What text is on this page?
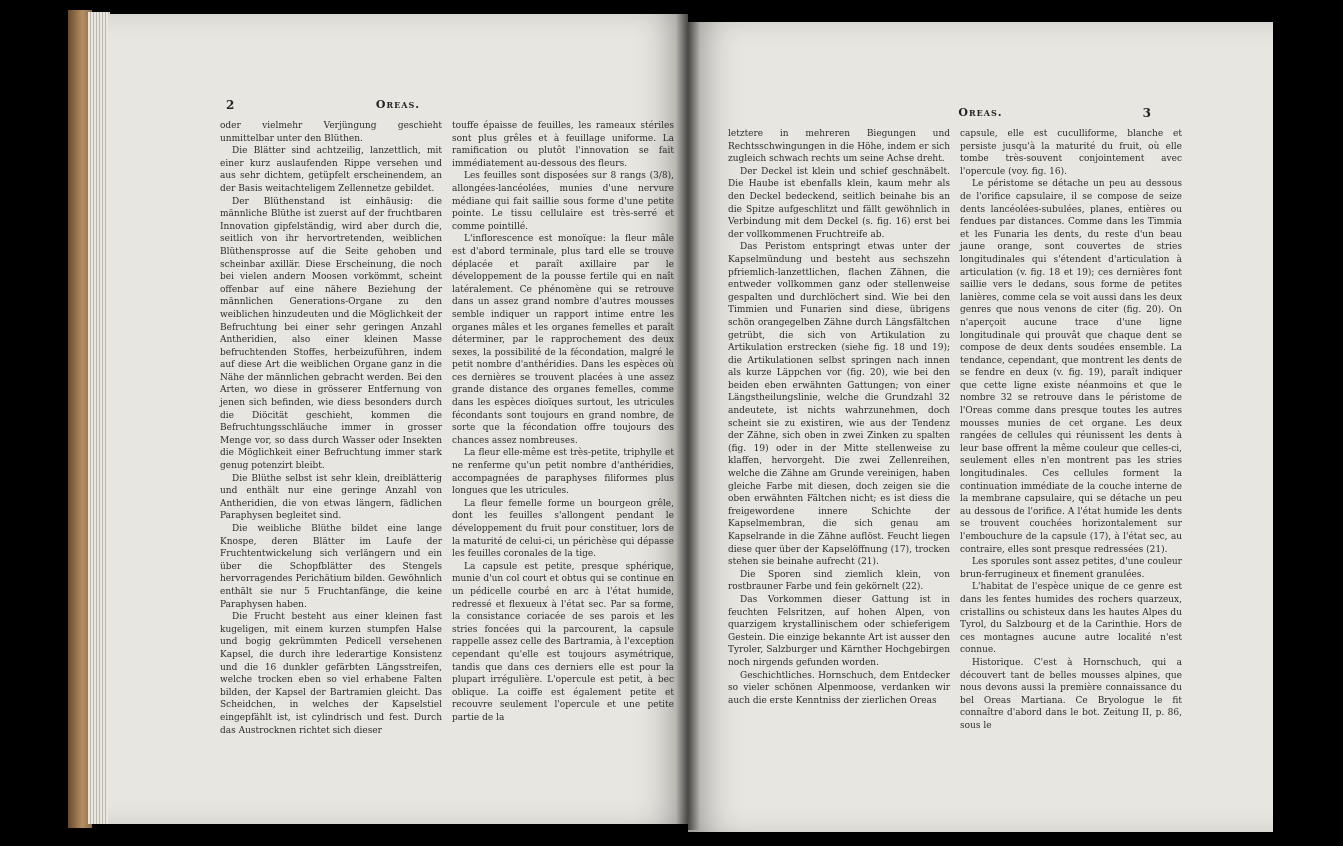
2	Oreas.

oder vielmehr Verjüngung geschieht unmittelbar unter den Blüthen.

Die Blätter sind achtzeilig, lanzettlich, mit einer kurz auslaufenden Rippe versehen und aus sehr dichtem, getüpfelt erscheinendem, an der Basis weitachteligem Zellennetze gebildet.

Der Blüthenstand ist einhäusig: die männliche Blüthe ist zuerst auf der fruchtbaren Innovation gipfelständig, wird aber durch die, seitlich von ihr hervortretenden, weiblichen Blüthensprosse auf die Seite gehoben und scheinbar axillär. Diese Erscheinung, die noch bei vielen andern Moosen vorkömmt, scheint offenbar auf eine nähere Beziehung der männlichen Generations-Organe zu den weiblichen hinzudeuten und die Möglichkeit der Befruchtung bei einer sehr geringen Anzahl Antheridien, also einer kleinen Masse befruchtenden Stoffes, herbeizuführen, indem auf diese Art die weiblichen Organe ganz in die Nähe der männlichen gebracht werden. Bei den Arten, wo diese in grösserer Entfernung von jenen sich befinden, wie diess besonders durch die Diöcität geschieht, kommen die Befruchtungsschläuche immer in grosser Menge vor, so dass durch Wasser oder Insekten die Möglichkeit einer Befruchtung immer stark genug potenzirt bleibt.

Die Blüthe selbst ist sehr klein, dreiblätterig und enthält nur eine geringe Anzahl von Antheridien, die von etwas längern, fädlichen Paraphysen begleitet sind.

Die weibliche Blüthe bildet eine lange Knospe, deren Blätter im Laufe der Fruchtentwickelung sich verlängern und ein über die Schopfblätter des Stengels hervorragendes Perichätium bilden. Gewöhnlich enthält sie nur 5 Fruchtanfänge, die keine Paraphysen haben.

Die Frucht besteht aus einer kleinen fast kugeligen, mit einem kurzen stumpfen Halse und bogig gekrümmten Pedicell versehenen Kapsel, die durch ihre lederartige Konsistenz und die 16 dunkler gefärbten Längsstreifen, welche trocken eben so viel erhabene Falten bilden, der Kapsel der Bartramien gleicht. Das Scheidchen, in welches der Kapselstiel eingepfählt ist, ist cylindrisch und fest. Durch das Austrocknen richtet sich dieser

touffe épaisse de feuilles, les rameaux stériles sont plus grêles et à feuillage uniforme. La ramification ou plutôt l'innovation se fait immédiatement au-dessous des fleurs.

Les feuilles sont disposées sur 8 rangs (3/8), allongées-lancéolées, munies d'une nervure médiane qui fait saillie sous forme d'une petite pointe. Le tissu cellulaire est très-serré et comme pointillé.

L'inflorescence est monoïque: la fleur mâle est d'abord terminale, plus tard elle se trouve déplacée et paraît axillaire par le développement de la pousse fertile qui en naît latéralement. Ce phénomène qui se retrouve dans un assez grand nombre d'autres mousses semble indiquer un rapport intime entre les organes mâles et les organes femelles et paraît déterminer, par le rapprochement des deux sexes, la possibilité de la fécondation, malgré le petit nombre d'anthéridies. Dans les espèces où ces dernières se trouvent placées à une assez grande distance des organes femelles, comme dans les espèces dioïques surtout, les utricules fécondants sont toujours en grand nombre, de sorte que la fécondation offre toujours des chances assez nombreuses.

La fleur elle-même est très-petite, triphylle et ne renferme qu'un petit nombre d'anthéridies, accompagnées de paraphyses filiformes plus longues que les utricules.

La fleur femelle forme un bourgeon grêle, dont les feuilles s'allongent pendant le développement du fruit pour constituer, lors de la maturité de celui-ci, un périchèse qui dépasse les feuilles coronales de la tige.

La capsule est petite, presque sphérique, munie d'un col court et obtus qui se continue en un pédicelle courbé en arc à l'état humide, redressé et flexueux à l'état sec. Par sa forme, la consistance coriacée de ses parois et les stries foncées qui la parcourent, la capsule rappelle assez celle des Bartramia, à l'exception cependant qu'elle est toujours asymétrique, tandis que dans ces derniers elle est pour la plupart irrégulière. L'opercule est petit, à bec oblique. La coiffe est également petite et recouvre seulement l'opercule et une petite partie de la

Oreas.	3

letztere in mehreren Biegungen und Rechtsschwingungen in die Höhe, indem er sich zugleich schwach rechts um seine Achse dreht.

Der Deckel ist klein und schief geschnäbelt. Die Haube ist ebenfalls klein, kaum mehr als den Deckel bedeckend, seitlich beinahe bis an die Spitze aufgeschlitzt und fällt gewöhnlich in Verbindung mit dem Deckel (s. fig. 16) erst bei der vollkommenen Fruchtreife ab.

Das Peristom entspringt etwas unter der Kapselmündung und besteht aus sechszehn pfriemlich-lanzettlichen, flachen Zähnen, die entweder vollkommen ganz oder stellenweise gespalten und durchlöchert sind. Wie bei den Timmien und Funarien sind diese, übrigens schön orangegelben Zähne durch Längsfältchen getrübt, die sich von Artikulation zu Artikulation erstrecken (siehe fig. 18 und 19); die Artikulationen selbst springen nach innen als kurze Läppchen vor (fig. 20), wie bei den beiden eben erwähnten Gattungen; von einer Längstheilungslinie, welche die Grundzahl 32 andeutete, ist nichts wahrzunehmen, doch scheint sie zu existiren, wie aus der Tendenz der Zähne, sich oben in zwei Zinken zu spalten (fig. 19) oder in der Mitte stellenweise zu klaffen, hervorgeht. Die zwei Zellenreihen, welche die Zähne am Grunde vereinigen, haben gleiche Farbe mit diesen, doch zeigen sie die oben erwähnten Fältchen nicht; es ist diess die freigewordene innere Schichte der Kapselmembran, die sich genau am Kapselrande in die Zähne auflöst. Feucht liegen diese quer über der Kapselöffnung (17), trocken stehen sie beinahe aufrecht (21).

Die Sporen sind ziemlich klein, von rostbrauner Farbe und fein gekörnelt (22).

Das Vorkommen dieser Gattung ist in feuchten Felsritzen, auf hohen Alpen, von quarzigem krystallinischem oder schieferigem Gestein. Die einzige bekannte Art ist ausser den Tyroler, Salzburger und Kärnther Hochgebirgen noch nirgends gefunden worden.

Geschichtliches. Hornschuch, dem Entdecker so vieler schönen Alpenmoose, verdanken wir auch die erste Kenntniss der zierlichen Oreas

capsule, elle est cuculliforme, blanche et persiste jusqu'à la maturité du fruit, où elle tombe très-souvent conjointement avec l'opercule (voy. fig. 16).

Le péristome se détache un peu au dessous de l'orifice capsulaire, il se compose de seize dents lancéolées-subulées, planes, entières ou fendues par distances. Comme dans les Timmia et les Funaria les dents, du reste d'un beau jaune orange, sont couvertes de stries longitudinales qui s'étendent d'articulation à articulation (v. fig. 18 et 19); ces dernières font saillie vers le dedans, sous forme de petites lanières, comme cela se voit aussi dans les deux genres que nous venons de citer (fig. 20). On n'aperçoit aucune trace d'une ligne longitudinale qui prouvât que chaque dent se compose de deux dents soudées ensemble. La tendance, cependant, que montrent les dents de se fendre en deux (v. fig. 19), paraît indiquer que cette ligne existe néanmoins et que le nombre 32 se retrouve dans le péristome de l'Oreas comme dans presque toutes les autres mousses munies de cet organe. Les deux rangées de cellules qui réunissent les dents à leur base offrent la même couleur que celles-ci, seulement elles n'en montrent pas les stries longitudinales. Ces cellules forment la continuation immédiate de la couche interne de la membrane capsulaire, qui se détache un peu au dessous de l'orifice. A l'état humide les dents se trouvent couchées horizontalement sur l'embouchure de la capsule (17), à l'état sec, au contraire, elles sont presque redressées (21).

Les sporules sont assez petites, d'une couleur brun-ferrugineux et finement granulées.

L'habitat de l'espèce unique de ce genre est dans les fentes humides des rochers quarzeux, cristallins ou schisteux dans les hautes Alpes du Tyrol, du Salzbourg et de la Carinthie. Hors de ces montagnes aucune autre localité n'est connue.

Historique. C'est à Hornschuch, qui a découvert tant de belles mousses alpines, que nous devons aussi la première connaissance du bel Oreas Martiana. Ce Bryologue le fit connaître d'abord dans le bot. Zeitung II, p. 86, sous le
